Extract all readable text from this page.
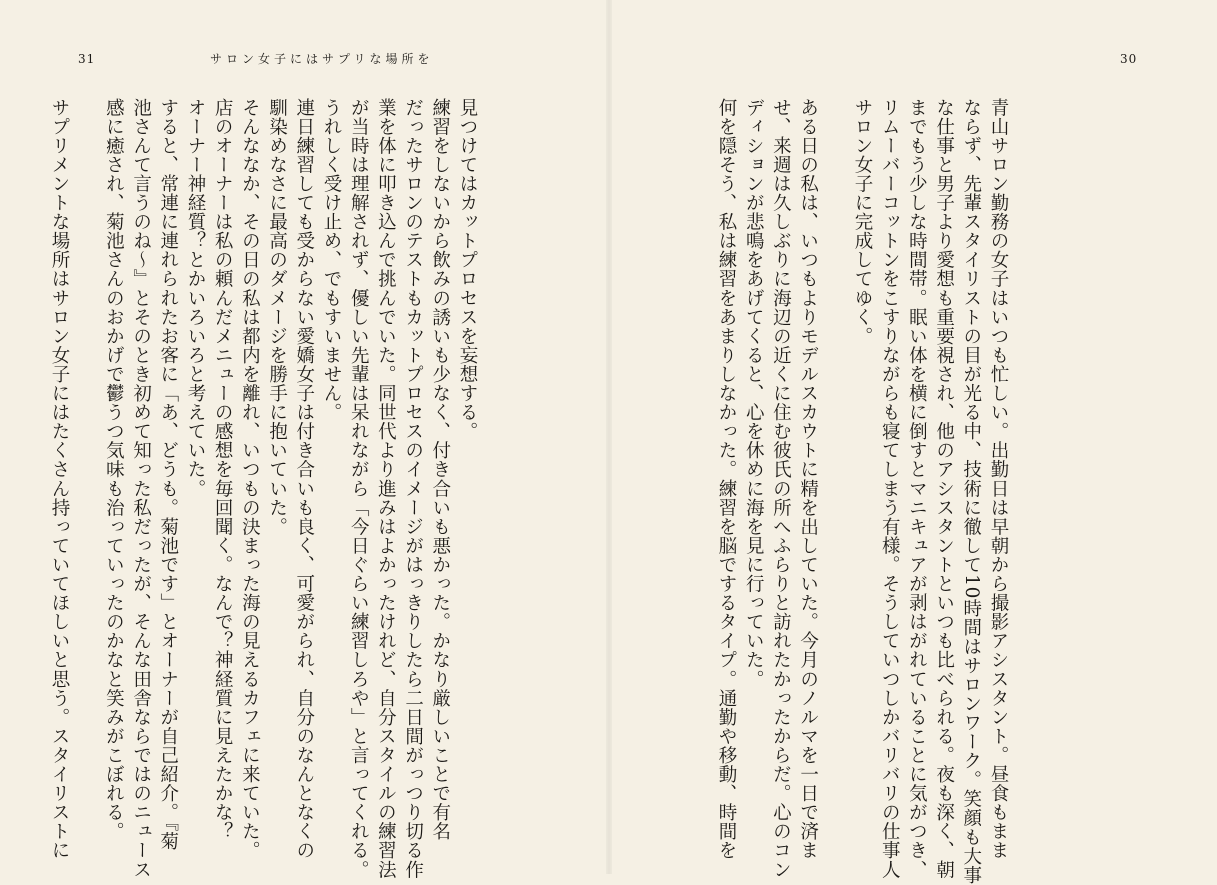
31	サロン女子にはサプリな場所を	30
青山サロン勤務の女子はいつも忙しい。出勤日は早朝から撮影アシスタント。昼食もまま
ならず、先輩スタイリストの目が光る中、技術に徹して10時間はサロンワーク。笑顔も大事
な仕事と男子より愛想も重要視され、他のアシスタントといつも比べられる。夜も深く、朝
までもう少しな時間帯。眠い体を横に倒すとマニキュアが剥はがれていることに気がつき、
リムーバーコットンをこすりながらも寝てしまう有様。そうしていつしかバリバリの仕事人
サロン女子に完成してゆく。
ある日の私は、いつもよりモデルスカウトに精を出していた。今月のノルマを一日で済ま
せ、来週は久しぶりに海辺の近くに住む彼氏の所へふらりと訪れたかったからだ。心のコン
ディションが悲鳴をあげてくると、心を休めに海を見に行っていた。
何を隠そう、私は練習をあまりしなかった。練習を脳でするタイプ。通勤や移動、時間を
見つけてはカットプロセスを妄想する。
練習をしないから飲みの誘いも少なく、付き合いも悪かった。かなり厳しいことで有名
だったサロンのテストもカットプロセスのイメージがはっきりしたら二日間がっつり切る作
業を体に叩き込んで挑んでいた。同世代より進みはよかったけれど、自分スタイルの練習法
が当時は理解されず、優しい先輩は呆れながら「今日ぐらい練習しろや」と言ってくれる。
うれしく受け止め、でもすいません。
連日練習しても受からない愛嬌女子は付き合いも良く、可愛がられ、自分のなんとなくの
馴染めなさに最高のダメージを勝手に抱いていた。
そんななか、その日の私は都内を離れ、いつもの決まった海の見えるカフェに来ていた。
店のオーナーは私の頼んだメニューの感想を毎回聞く。なんで？神経質に見えたかな？
オーナー神経質？とかいろいろと考えていた。
すると、常連に連れられたお客に「あ、どうも。菊池です」とオーナーが自己紹介。『菊
池さんて言うのね～』とそのとき初めて知った私だったが、そんな田舎ならではのニュース
感に癒され、菊池さんのおかげで鬱うつ気味も治っていったのかなと笑みがこぼれる。
サプリメントな場所はサロン女子にはたくさん持っていてほしいと思う。スタイリストに
